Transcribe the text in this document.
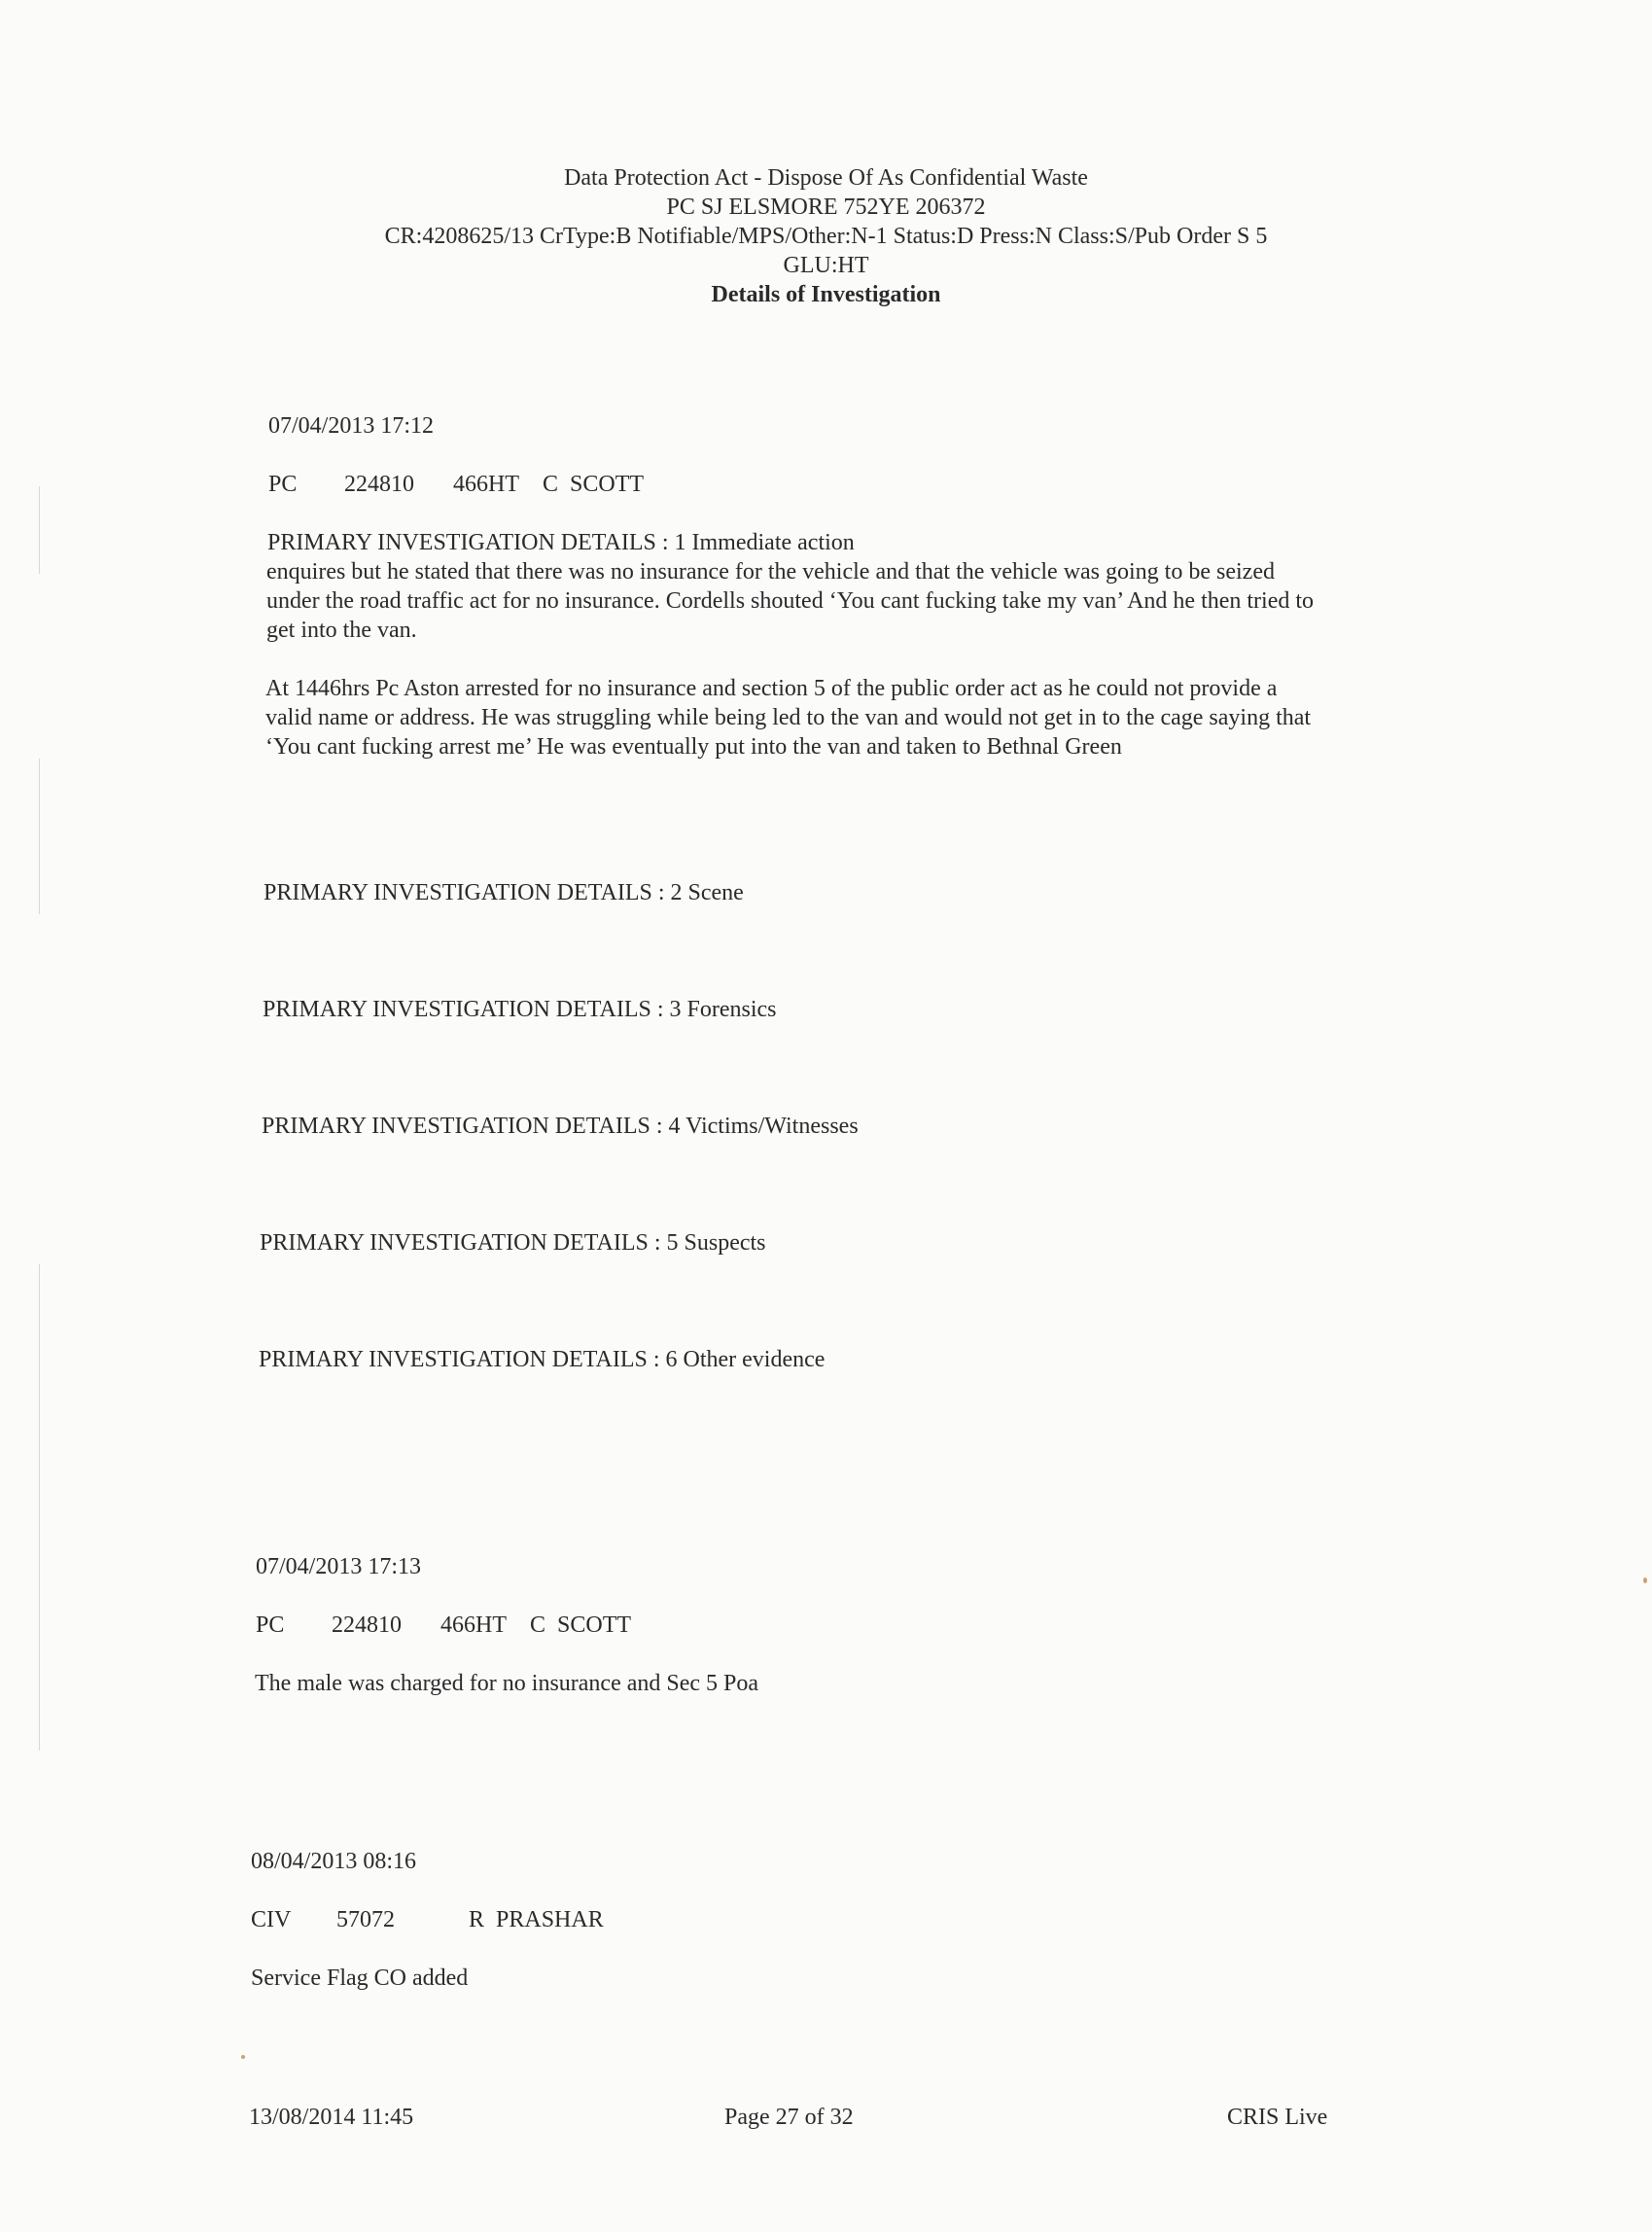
Data Protection Act - Dispose Of As Confidential Waste
PC SJ ELSMORE 752YE 206372
CR:4208625/13 CrType:B Notifiable/MPS/Other:N-1 Status:D Press:N Class:S/Pub Order S 5
GLU:HT
Details of Investigation
07/04/2013 17:12
PC 224810 466HT C  SCOTT
PRIMARY INVESTIGATION DETAILS : 1 Immediate action
enquires but he stated that there was no insurance for the vehicle and that the vehicle was going to be seized under the road traffic act for no insurance. Cordells shouted ‘You cant fucking take my van’ And he then tried to get into the van.
At 1446hrs Pc Aston arrested for no insurance and section 5 of the public order act as he could not provide a valid name or address. He was struggling while being led to the van and would not get in to the cage saying that ‘You cant fucking arrest me’ He was eventually put into the van and taken to Bethnal Green
PRIMARY INVESTIGATION DETAILS : 2 Scene
PRIMARY INVESTIGATION DETAILS : 3 Forensics
PRIMARY INVESTIGATION DETAILS : 4 Victims/Witnesses
PRIMARY INVESTIGATION DETAILS : 5 Suspects
PRIMARY INVESTIGATION DETAILS : 6 Other evidence
07/04/2013 17:13
PC 224810 466HT C  SCOTT
The male was charged for no insurance and Sec 5 Poa
08/04/2013 08:16
CIV 57072	R  PRASHAR
Service Flag CO added
13/08/2014 11:45	Page 27 of 32	CRIS Live
